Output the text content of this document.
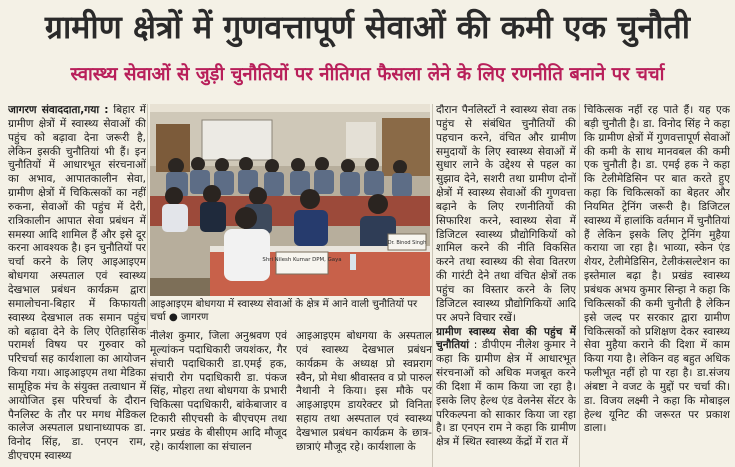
ग्रामीण क्षेत्रों में गुणवत्तापूर्ण सेवाओं की कमी एक चुनौती
स्वास्थ्य सेवाओं से जुड़ी चुनौतियों पर नीतिगत फैसला लेने के लिए रणनीति बनाने पर चर्चा

जागरण संवाददाता,गया : बिहार में ग्रामीण क्षेत्रों में स्वास्थ्य सेवाओं की पहुंच को बढ़ावा देना जरूरी है, लेकिन इसकी चुनौतियां भी हैं। इन चुनौतियों में आधारभूत संरचनाओं का अभाव, आपातकालीन सेवा, ग्रामीण क्षेत्रों में चिकित्सकों का नहीं रुकना, सेवाओं की पहुंच में देरी, रात्रिकालीन आपात सेवा प्रबंधन में समस्या आदि शामिल हैं और इसे दूर करना आवश्यक है। इन चुनौतियों पर चर्चा करने के लिए आइआइएम बोधगया अस्पताल एवं स्वास्थ्य देखभाल प्रबंधन कार्यक्रम द्वारा समालोचना-बिहार में किफायती स्वास्थ्य देखभाल तक समान पहुंच को बढ़ावा देने के लिए ऐतिहासिक परामर्श विषय पर गुरुवार को परिचर्चा सह कार्यशाला का आयोजन किया गया। आइआइएम तथा मेडिका सामूहिक मंच के संयुक्त तत्वाधान में आयोजित इस परिचर्चा के दौरान पैनलिस्ट के तौर पर मगध मेडिकल कालेज अस्पताल प्रधानाध्यापक डा. विनोद सिंह, डा. एनएन राम, डीएचएम स्वास्थ्य

Shri Nilesh Kumar DPM, Gaya
Dr. Binod Singh
आइआइएम बोधगया में स्वास्थ्य सेवाओं के क्षेत्र में आने वाली चुनौतियों पर चर्चा ● जागरण

नीलेश कुमार, जिला अनुश्रवण एवं मूल्यांकन पदाधिकारी जयशंकर, गैर संचारी पदाधिकारी डा.एमई हक, संचारी रोग पदाधिकारी डा. पंकज सिंह, मोहरा तथा बोधगया के प्रभारी चिकित्सा पदाधिकारी, बांकेबाजार व टिकारी सीएचसी के बीएचएम तथा नगर प्रखंड के बीसीएम आदि मौजूद रहे। कार्यशाला का संचालन

आइआइएम बोधगया के अस्पताल एवं स्वास्थ्य देखभाल प्रबंधन कार्यक्रम के अध्यक्ष प्रो स्वप्नराग स्वैन, प्रो मेधा श्रीवास्तव व प्रो पारुल नैथानी ने किया। इस मौके पर आइआइएम डायरेक्टर प्रो विनिता सहाय तथा अस्पताल एवं स्वास्थ्य देखभाल प्रबंधन कार्यक्रम के छात्र-छात्राएं मौजूद रहे। कार्यशाला के

दौरान पैनलिस्टों ने स्वास्थ्य सेवा तक पहुंच से संबंधित चुनौतियों की पहचान करने, वंचित और ग्रामीण समुदायों के लिए स्वास्थ्य सेवाओं में सुधार लाने के उद्देश्य से पहल का सुझाव देने, सशरी तथा ग्रामीण दोनों क्षेत्रों में स्वास्थ्य सेवाओं की गुणवत्ता बढ़ाने के लिए रणनीतियों की सिफारिश करने, स्वास्थ्य सेवा में डिजिटल स्वास्थ्य प्रौद्योगिकियों को शामिल करने की नीति विकसित करने तथा स्वास्थ्य की सेवा वितरण की गारंटी देने तथा वंचित क्षेत्रों तक पहुंच का विस्तार करने के लिए डिजिटल स्वास्थ्य प्रौद्योगिकियों आदि पर अपने विचार रखें।

ग्रामीण स्वास्थ्य सेवा की पहुंच में चुनौतियां : डीपीएम नीलेश कुमार ने कहा कि ग्रामीण क्षेत्र में आधारभूत संरचनाओं को अधिक मजबूत करने की दिशा में काम किया जा रहा है। इसके लिए हेल्थ एंड वेलनेस सेंटर के परिकल्पना को साकार किया जा रहा है। डा एनएन राम ने कहा कि ग्रामीण क्षेत्र में स्थित स्वास्थ्य केंद्रों में रात में

चिकित्सक नहीं रह पाते हैं। यह एक बड़ी चुनौती है। डा. विनोद सिंह ने कहा कि ग्रामीण क्षेत्रों में गुणवत्तापूर्ण सेवाओं की कमी के साथ मानवबल की कमी एक चुनौती है। डा. एमई हक ने कहा कि टेलीमेडिसिन पर बात करते हुए कहा कि चिकित्सकों का बेहतर और नियमित ट्रेनिंग जरूरी है। डिजिटल स्वास्थ्य में हालांकि वर्तमान में चुनौतियां हैं लेकिन इसके लिए ट्रेनिंग मुहैया कराया जा रहा है। भाव्या, स्केन एंड शेयर, टेलीमेडिसिन, टेलीकंसल्टेशन का इस्तेमाल बढ़ा है। प्रखंड स्वास्थ्य प्रबंधक अभय कुमार सिन्हा ने कहा कि चिकित्सकों की कमी चुनौती है लेकिन इसे जल्द पर सरकार द्वारा ग्रामीण चिकित्सकों को प्रशिक्षण देकर स्वास्थ्य सेवा मुहैया कराने की दिशा में काम किया गया है। लेकिन वह बहुत अधिक फलीभूत नहीं हो पा रहा है। डा.संजय अंबष्टा ने वजट के मुद्दों पर चर्चा की। डा. विजय लक्ष्मी ने कहा कि मोबाइल हेल्थ यूनिट की जरूरत पर प्रकाश डाला।
